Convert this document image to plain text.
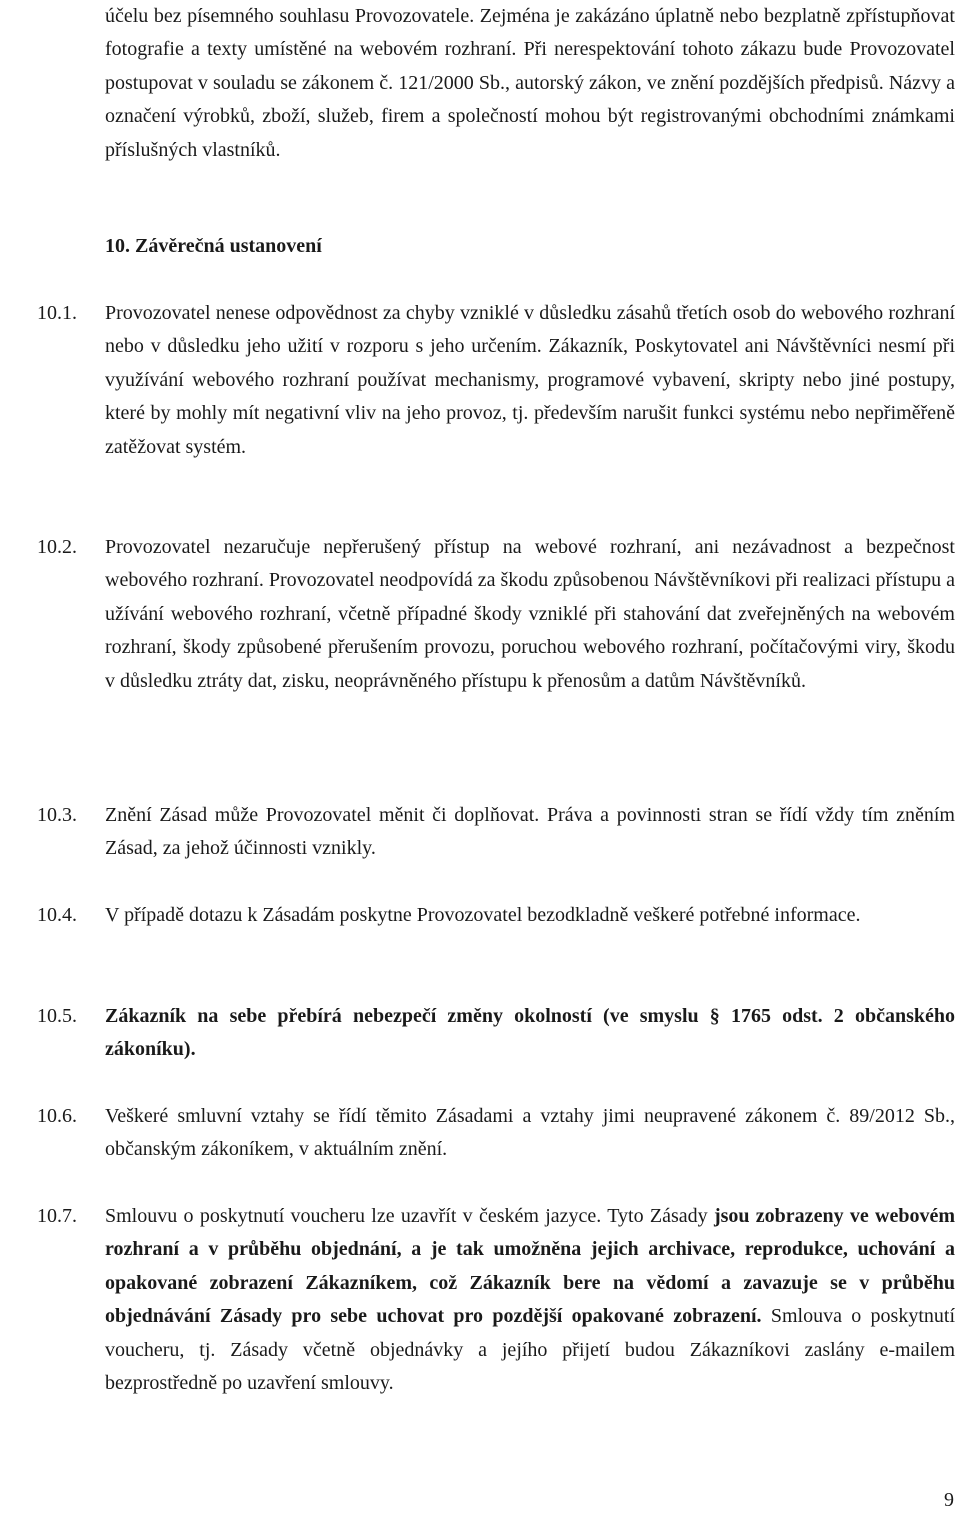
účelu bez písemného souhlasu Provozovatele. Zejména je zakázáno úplatně nebo bezplatně zpřístupňovat fotografie a texty umístěné na webovém rozhraní. Při nerespektování tohoto zákazu bude Provozovatel postupovat v souladu se zákonem č. 121/2000 Sb., autorský zákon, ve znění pozdějších předpisů. Názvy a označení výrobků, zboží, služeb, firem a společností mohou být registrovanými obchodními známkami příslušných vlastníků.

10. Závěrečná ustanovení
10.1. Provozovatel nenese odpovědnost za chyby vzniklé v důsledku zásahů třetích osob do webového rozhraní nebo v důsledku jeho užití v rozporu s jeho určením. Zákazník, Poskytovatel ani Návštěvníci nesmí při využívání webového rozhraní používat mechanismy, programové vybavení, skripty nebo jiné postupy, které by mohly mít negativní vliv na jeho provoz, tj. především narušit funkci systému nebo nepřiměřeně zatěžovat systém.

10.2. Provozovatel nezaručuje nepřerušený přístup na webové rozhraní, ani nezávadnost a bezpečnost webového rozhraní. Provozovatel neodpovídá za škodu způsobenou Návštěvníkovi při realizaci přístupu a užívání webového rozhraní, včetně případné škody vzniklé při stahování dat zveřejněných na webovém rozhraní, škody způsobené přerušením provozu, poruchou webového rozhraní, počítačovými viry, škodu v důsledku ztráty dat, zisku, neoprávněného přístupu k přenosům a datům Návštěvníků.

10.3. Znění Zásad může Provozovatel měnit či doplňovat. Práva a povinnosti stran se řídí vždy tím zněním Zásad, za jehož účinnosti vznikly.

10.4. V případě dotazu k Zásadám poskytne Provozovatel bezodkladně veškeré potřebné informace.

10.5. Zákazník na sebe přebírá nebezpečí změny okolností (ve smyslu § 1765 odst. 2 občanského zákoníku).

10.6. Veškeré smluvní vztahy se řídí těmito Zásadami a vztahy jimi neupravené zákonem č. 89/2012 Sb., občanským zákoníkem, v aktuálním znění.

10.7. Smlouvu o poskytnutí voucheru lze uzavřít v českém jazyce. Tyto Zásady jsou zobrazeny ve webovém rozhraní a v průběhu objednání, a je tak umožněna jejich archivace, reprodukce, uchování a opakované zobrazení Zákazníkem, což Zákazník bere na vědomí a zavazuje se v průběhu objednávání Zásady pro sebe uchovat pro pozdější opakované zobrazení. Smlouva o poskytnutí voucheru, tj. Zásady včetně objednávky a jejího přijetí budou Zákazníkovi zaslány e-mailem bezprostředně po uzavření smlouvy.

9
